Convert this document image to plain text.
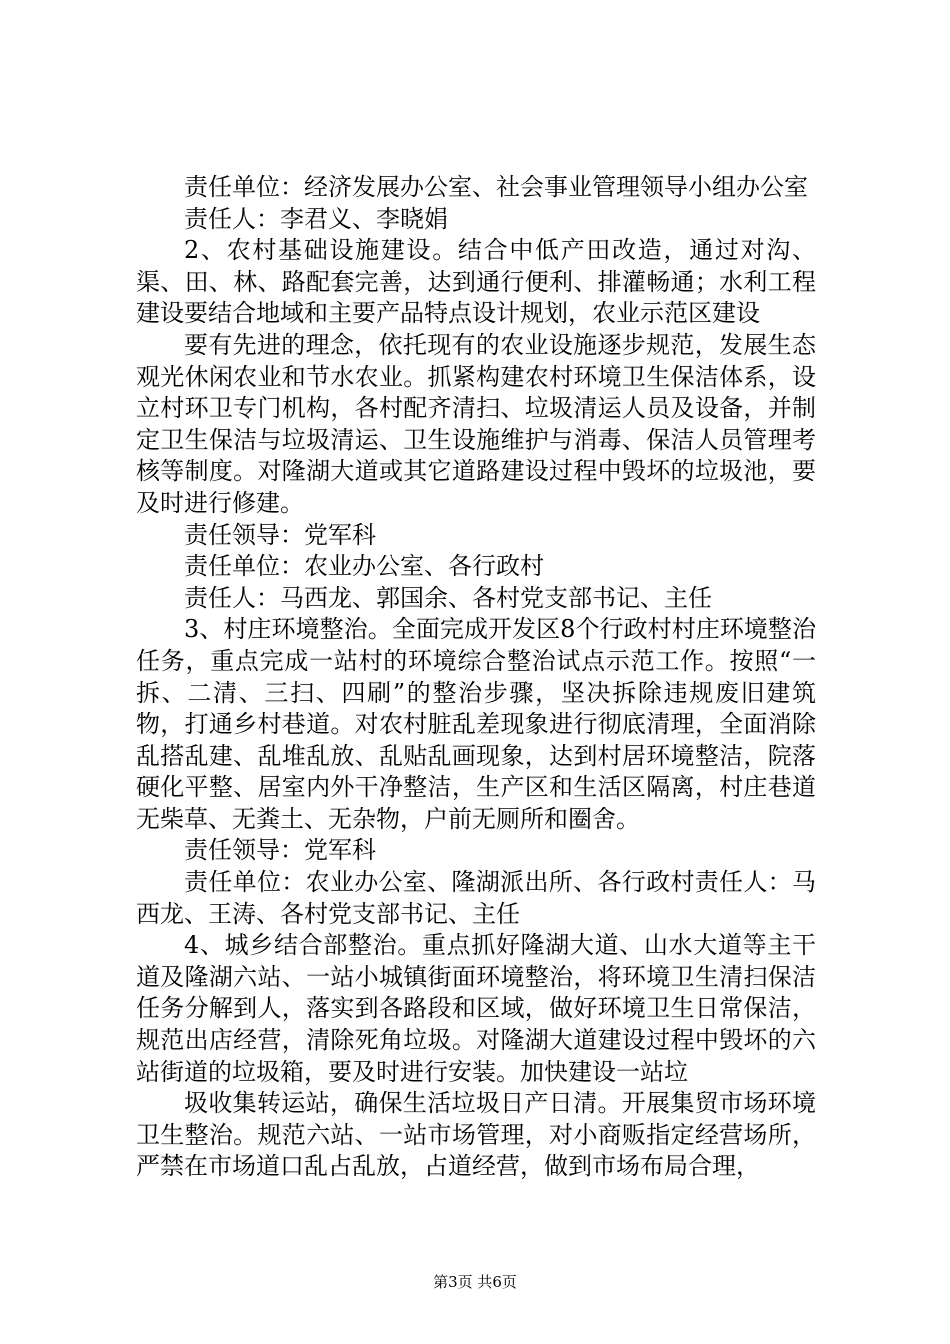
责任单位：经济发展办公室、社会事业管理领导小组办公室

责任人：李君义、李晓娟

2、农村基础设施建设。结合中低产田改造，通过对沟、渠、田、林、路配套完善，达到通行便利、排灌畅通；水利工程建设要结合地域和主要产品特点设计规划，农业示范区建设

要有先进的理念，依托现有的农业设施逐步规范，发展生态观光休闲农业和节水农业。抓紧构建农村环境卫生保洁体系，设立村环卫专门机构，各村配齐清扫、垃圾清运人员及设备，并制定卫生保洁与垃圾清运、卫生设施维护与消毒、保洁人员管理考核等制度。对隆湖大道或其它道路建设过程中毁坏的垃圾池，要及时进行修建。

责任领导：党军科

责任单位：农业办公室、各行政村

责任人：马西龙、郭国余、各村党支部书记、主任

3、村庄环境整治。全面完成开发区8个行政村村庄环境整治任务，重点完成一站村的环境综合整治试点示范工作。按照“一拆、二清、三扫、四刷”的整治步骤，坚决拆除违规废旧建筑物，打通乡村巷道。对农村脏乱差现象进行彻底清理，全面消除乱搭乱建、乱堆乱放、乱贴乱画现象，达到村居环境整洁，院落硬化平整、居室内外干净整洁，生产区和生活区隔离，村庄巷道无柴草、无粪土、无杂物，户前无厕所和圈舍。

责任领导：党军科

责任单位：农业办公室、隆湖派出所、各行政村责任人：马西龙、王涛、各村党支部书记、主任

4、城乡结合部整治。重点抓好隆湖大道、山水大道等主干道及隆湖六站、一站小城镇街面环境整治，将环境卫生清扫保洁任务分解到人，落实到各路段和区域，做好环境卫生日常保洁，规范出店经营，清除死角垃圾。对隆湖大道建设过程中毁坏的六站街道的垃圾箱，要及时进行安装。加快建设一站垃

圾收集转运站，确保生活垃圾日产日清。开展集贸市场环境卫生整治。规范六站、一站市场管理，对小商贩指定经营场所，严禁在市场道口乱占乱放，占道经营，做到市场布局合理，

第3页 共6页
